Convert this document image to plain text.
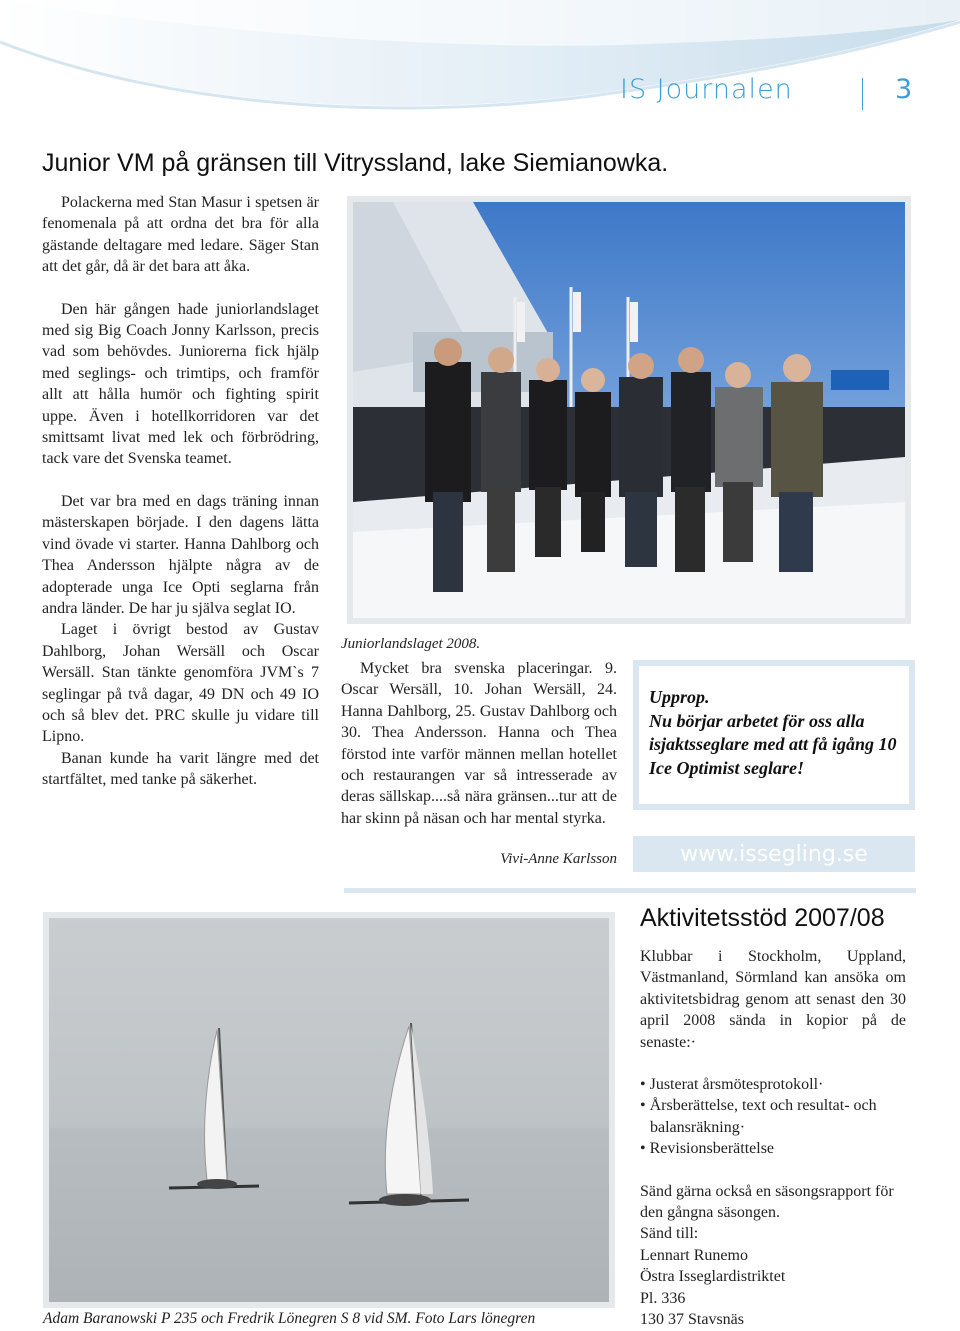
IS Journalen	3
Junior VM på gränsen till Vitryssland, lake Siemianowka.

Polackerna med Stan Masur i spetsen är fenomenala på att ordna det bra för alla gästande deltagare med ledare. Säger Stan att det går, då är det bara att åka.

Den här gången hade juniorlandslaget med sig Big Coach Jonny Karlsson, precis vad som behövdes. Juniorerna fick hjälp med seglings- och trimtips, och framför allt att hålla humör och fighting spirit uppe. Även i hotellkorridoren var det smittsamt livat med lek och förbrödring, tack vare det Svenska teamet.

Det var bra med en dags träning innan mästerskapen började. I den dagens lätta vind övade vi starter. Hanna Dahlborg och Thea Andersson hjälpte några av de adopterade unga Ice Opti seglarna från andra länder. De har ju själva seglat IO.

Laget i övrigt bestod av Gustav Dahlborg, Johan Wersäll och Oscar Wersäll. Stan tänkte genomföra JVM`s 7 seglingar på två dagar, 49 DN och 49 IO och så blev det. PRC skulle ju vidare till Lipno.

Banan kunde ha varit längre med det startfältet, med tanke på säkerhet.

Juniorlandslaget 2008.

Mycket bra svenska placeringar. 9. Oscar Wersäll, 10. Johan Wersäll, 24. Hanna Dahlborg, 25. Gustav Dahlborg och 30. Thea Andersson. Hanna och Thea förstod inte varför männen mellan hotellet och restaurangen var så intresserade av deras sällskap....så nära gränsen...tur att de har skinn på näsan och har mental styrka.

Vivi-Anne Karlsson
Upprop.
Nu börjar arbetet för oss alla isjaktsseglare med att få igång 10 Ice Optimist seglare!
www.issegling.se
Adam Baranowski P 235 och Fredrik Lönegren S 8 vid SM. Foto Lars lönegren
Aktivitetsstöd 2007/08

Klubbar i Stockholm, Uppland, Västmanland, Sörmland kan ansöka om aktivitetsbidrag genom att senast den 30 april 2008 sända in kopior på de senaste:·

• Justerat årsmötesprotokoll·
• Årsberättelse, text och resultat- och balansräkning·
• Revisionsberättelse

Sänd gärna också en säsongsrapport för den gångna säsongen.

Sänd till:

Lennart Runemo

Östra Isseglardistriktet

Pl. 336

130 37 Stavsnäs
